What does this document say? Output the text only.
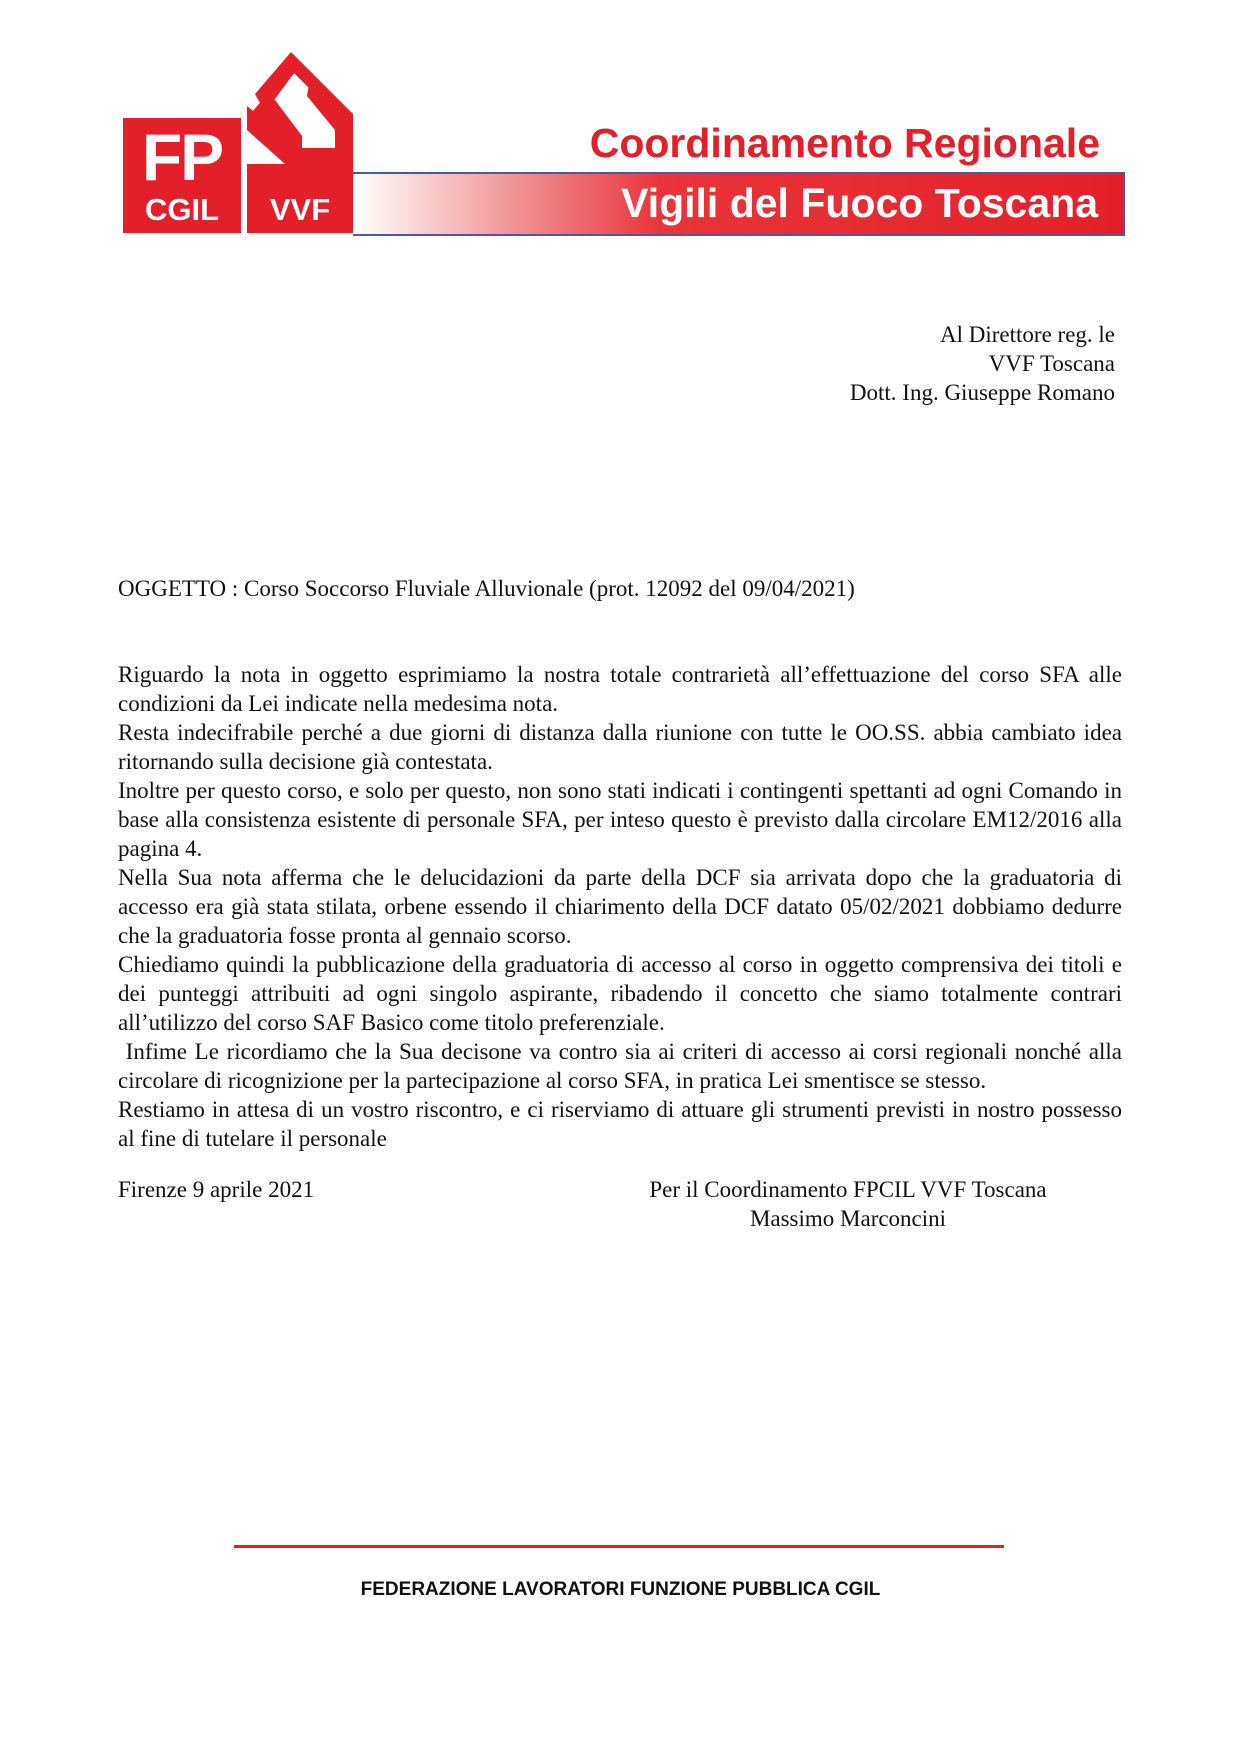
FP
CGIL	VVF
Coordinamento Regionale
Vigili del Fuoco Toscana
Al Direttore reg. le
VVF Toscana
Dott. Ing. Giuseppe Romano
OGGETTO : Corso Soccorso Fluviale Alluvionale (prot. 12092 del 09/04/2021)

Riguardo la nota in oggetto esprimiamo la nostra totale contrarietà all’effettuazione del corso SFA alle condizioni da Lei indicate nella medesima nota.

Resta indecifrabile perché a due giorni di distanza dalla riunione con tutte le OO.SS. abbia cambiato idea ritornando sulla decisione già contestata.

Inoltre per questo corso, e solo per questo, non sono stati indicati i contingenti spettanti ad ogni Comando in base alla consistenza esistente di personale SFA, per inteso questo è previsto dalla circolare EM12/2016 alla pagina 4.

Nella Sua nota afferma che le delucidazioni da parte della DCF sia arrivata dopo che la graduatoria di accesso era già stata stilata, orbene essendo il chiarimento della DCF datato 05/02/2021 dobbiamo dedurre che la graduatoria fosse pronta al gennaio scorso.

Chiediamo quindi la pubblicazione della graduatoria di accesso al corso in oggetto comprensiva dei titoli e dei punteggi attribuiti ad ogni singolo aspirante, ribadendo il concetto che siamo totalmente contrari all’utilizzo del corso SAF Basico come titolo preferenziale.

Infime Le ricordiamo che la Sua decisone va contro sia ai criteri di accesso ai corsi regionali nonché alla circolare di ricognizione per la partecipazione al corso SFA, in pratica Lei smentisce se stesso.

Restiamo in attesa di un vostro riscontro, e ci riserviamo di attuare gli strumenti previsti in nostro possesso al fine di tutelare il personale

Firenze 9 aprile 2021	Per il Coordinamento FPCIL VVF Toscana
Massimo Marconcini
FEDERAZIONE LAVORATORI FUNZIONE PUBBLICA CGIL
